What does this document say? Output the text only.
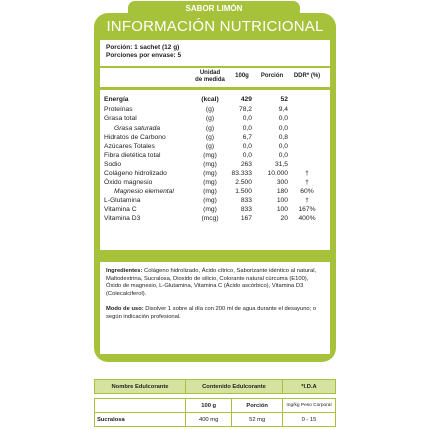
SABOR LIMÓN
INFORMACIÓN NUTRICIONAL
Porción: 1 sachet (12 g)
Porciones por envase: 5
Unidad
de medida
100g	Porción	DDR* (%)
Energía	(kcal)	429	52
Proteínas	(g)	78,2	9,4
Grasa total	(g)	0,0	0,0
Grasa saturada	(g)	0,0	0,0
Hidratos de Carbono	(g)	6,7	0,8
Azúcares Totales	(g)	0,0	0,0
Fibra dietética total	(mg)	0,0	0,0
Sodio	(mg)	263	31,5
Colágeno hidrolizado	(mg)	83.333	10.000	†
Óxido magnesio	(mg)	2.500	300	†
Magnesio elemental	(mg)	1.500	180	60%
L-Glutamina	(mg)	833	100	†
Vitamina C	(mg)	833	100	167%
Vitamina D3	(mcg)	167	20	400%

Ingredientes: Colágeno hidrolizado, Ácido cítrico, Saborizante idéntico al natural, Maltodextrina, Sucralosa, Dioxido de silicio, Colorante natural cúrcuma (E100), Óxido de magnesio, L-Glutamina, Vitamina C (Ácido ascórbico), Vitamina D3 (Colecalciferol).

Modo de uso: Disolver 1 sobre al día con 200 ml de agua durante el desayuno; o según indicación profesional.

Nombre Edulcorante	Contenido Edulcorante		*I.D.A

	100 g	Porción	mg/kg Peso Corporal
Sucralosa	400 mg	52 mg	0 - 15
